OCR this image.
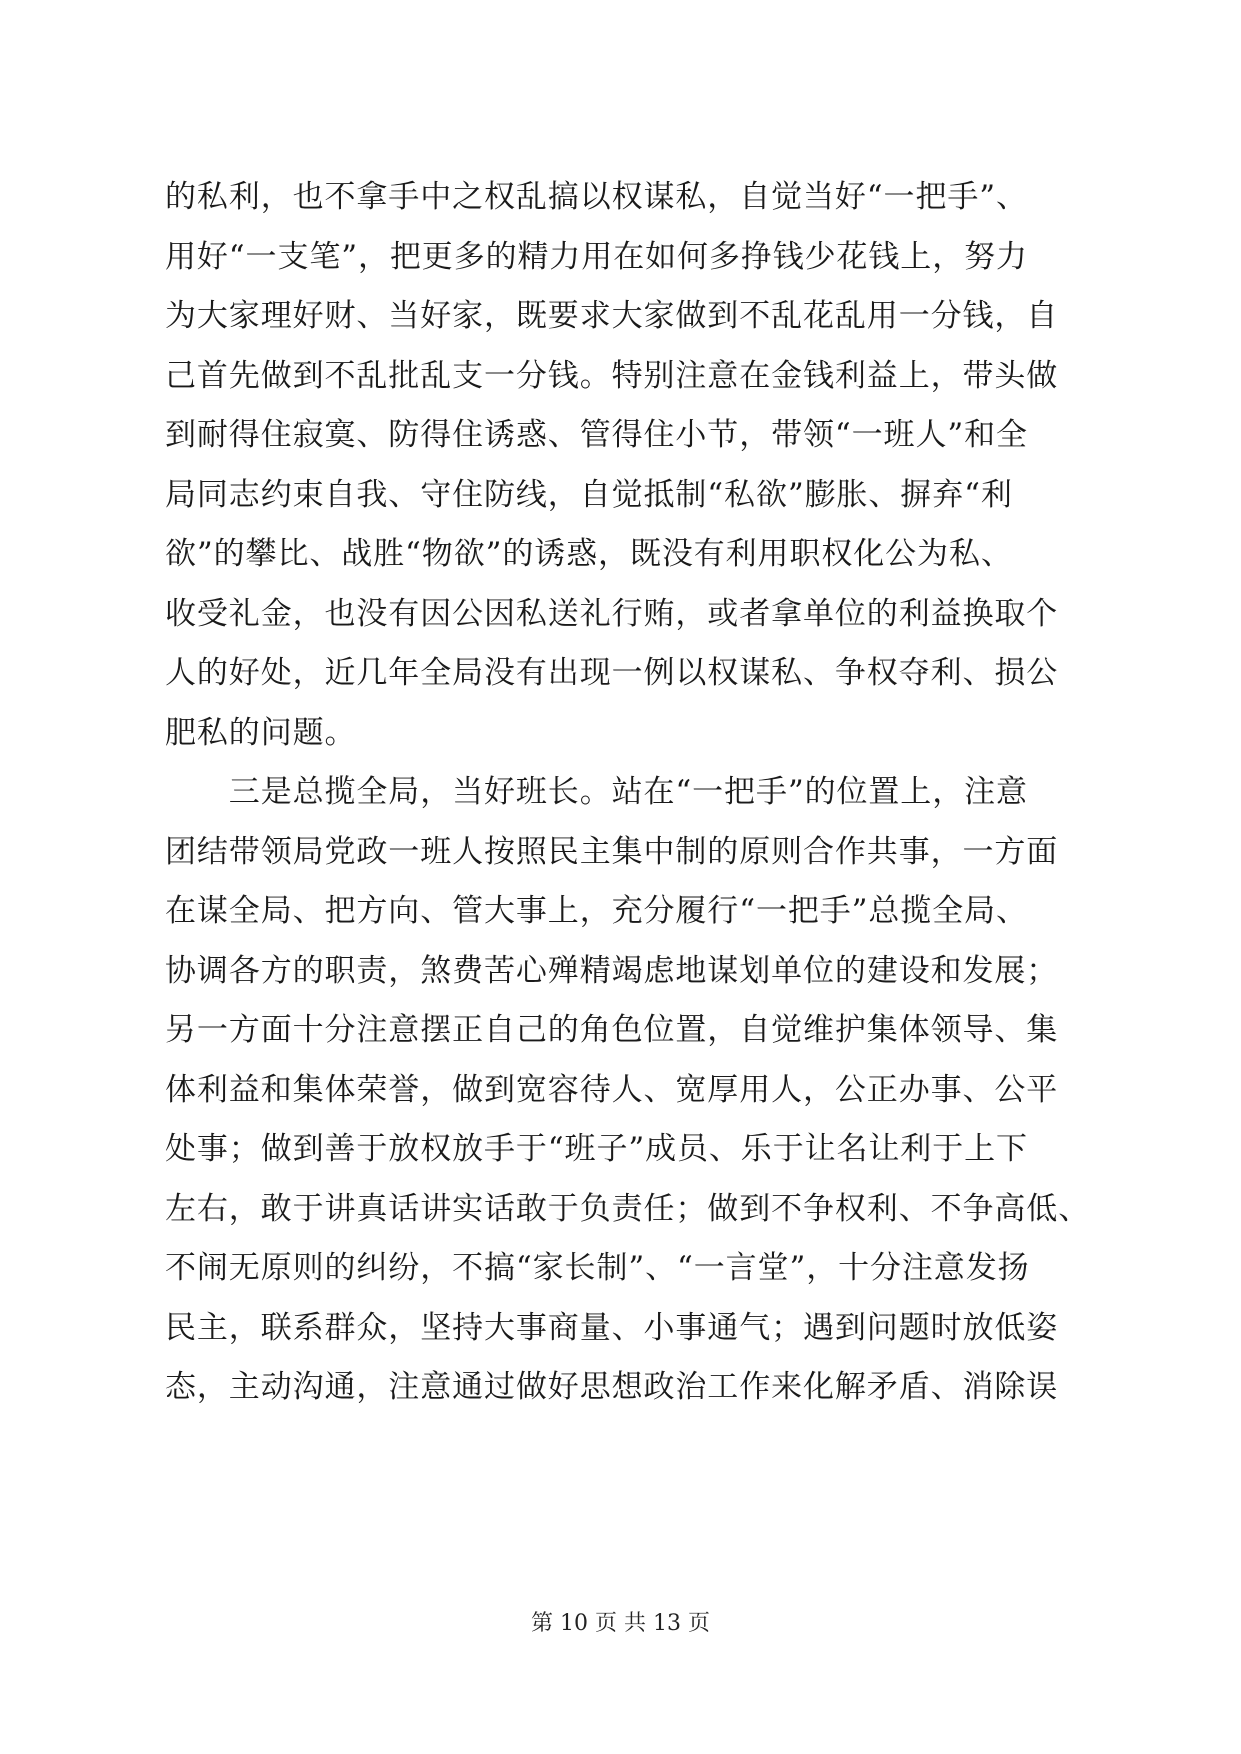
的私利，也不拿手中之权乱搞以权谋私，自觉当好“一把手”、
用好“一支笔”，把更多的精力用在如何多挣钱少花钱上，努力
为大家理好财、当好家，既要求大家做到不乱花乱用一分钱，自
己首先做到不乱批乱支一分钱。特别注意在金钱利益上，带头做
到耐得住寂寞、防得住诱惑、管得住小节，带领“一班人”和全
局同志约束自我、守住防线，自觉抵制“私欲”膨胀、摒弃“利
欲”的攀比、战胜“物欲”的诱惑，既没有利用职权化公为私、
收受礼金，也没有因公因私送礼行贿，或者拿单位的利益换取个
人的好处，近几年全局没有出现一例以权谋私、争权夺利、损公
肥私的问题。
　　三是总揽全局，当好班长。站在“一把手”的位置上，注意
团结带领局党政一班人按照民主集中制的原则合作共事，一方面
在谋全局、把方向、管大事上，充分履行“一把手”总揽全局、
协调各方的职责，煞费苦心殚精竭虑地谋划单位的建设和发展；
另一方面十分注意摆正自己的角色位置，自觉维护集体领导、集
体利益和集体荣誉，做到宽容待人、宽厚用人，公正办事、公平
处事；做到善于放权放手于“班子”成员、乐于让名让利于上下
左右，敢于讲真话讲实话敢于负责任；做到不争权利、不争高低、
不闹无原则的纠纷，不搞“家长制”、“一言堂”，十分注意发扬
民主，联系群众，坚持大事商量、小事通气；遇到问题时放低姿
态，主动沟通，注意通过做好思想政治工作来化解矛盾、消除误
第 10 页 共 13 页
